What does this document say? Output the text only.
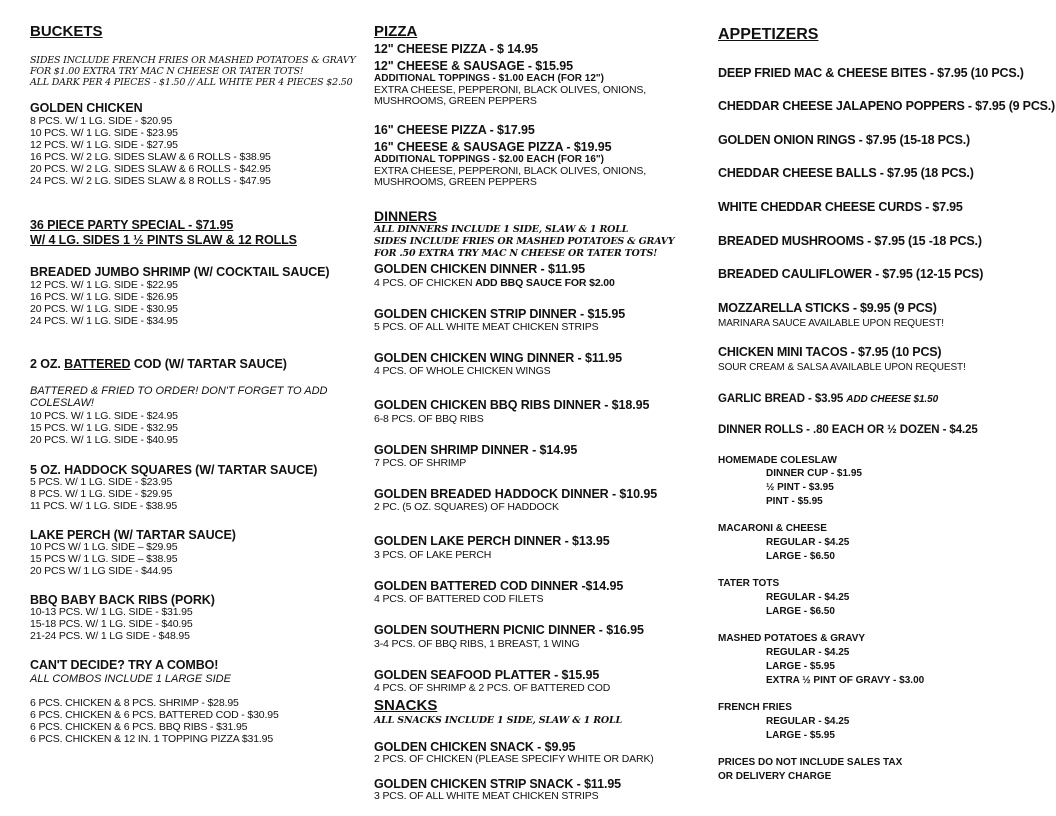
BUCKETS
SIDES INCLUDE FRENCH FRIES OR MASHED POTATOES & GRAVY
FOR $1.00 EXTRA TRY MAC N CHEESE OR TATER TOTS!
ALL DARK PER 4 PIECES - $1.50 // ALL WHITE PER 4 PIECES $2.50
GOLDEN CHICKEN
8 PCS. W/ 1 LG. SIDE - $20.95
10 PCS. W/ 1 LG. SIDE - $23.95
12 PCS. W/ 1 LG. SIDE - $27.95
16 PCS. W/ 2 LG. SIDES SLAW & 6 ROLLS - $38.95
20 PCS. W/ 2 LG. SIDES SLAW & 6 ROLLS - $42.95
24 PCS. W/ 2 LG. SIDES SLAW & 8 ROLLS - $47.95
36 PIECE PARTY SPECIAL - $71.95
W/ 4 LG. SIDES 1 ½ PINTS SLAW & 12 ROLLS
BREADED JUMBO SHRIMP (W/ COCKTAIL SAUCE)
12 PCS. W/ 1 LG. SIDE - $22.95
16 PCS. W/ 1 LG. SIDE - $26.95
20 PCS. W/ 1 LG. SIDE - $30.95
24 PCS. W/ 1 LG. SIDE - $34.95
2 OZ. BATTERED COD (W/ TARTAR SAUCE)
BATTERED & FRIED TO ORDER! DON'T FORGET TO ADD
COLESLAW!
10 PCS. W/ 1 LG. SIDE - $24.95
15 PCS. W/ 1 LG. SIDE - $32.95
20 PCS. W/ 1 LG. SIDE - $40.95
5 OZ. HADDOCK SQUARES (W/ TARTAR SAUCE)
5 PCS. W/ 1 LG. SIDE - $23.95
8 PCS. W/ 1 LG. SIDE - $29.95
11 PCS. W/ 1 LG. SIDE - $38.95
LAKE PERCH (W/ TARTAR SAUCE)
10 PCS W/ 1 LG. SIDE – $29.95
15 PCS W/ 1 LG. SIDE – $38.95
20 PCS W/ 1 LG SIDE - $44.95
BBQ BABY BACK RIBS (PORK)
10-13 PCS. W/ 1 LG. SIDE - $31.95
15-18 PCS. W/ 1 LG. SIDE - $40.95
21-24 PCS. W/ 1 LG SIDE - $48.95
CAN'T DECIDE? TRY A COMBO!
ALL COMBOS INCLUDE 1 LARGE SIDE
6 PCS. CHICKEN & 8 PCS. SHRIMP - $28.95
6 PCS. CHICKEN & 6 PCS. BATTERED COD - $30.95
6 PCS. CHICKEN & 6 PCS. BBQ RIBS - $31.95
6 PCS. CHICKEN & 12 IN. 1 TOPPING PIZZA $31.95
PIZZA
12" CHEESE PIZZA - $ 14.95
12" CHEESE & SAUSAGE - $15.95
ADDITIONAL TOPPINGS - $1.00 EACH (FOR 12")
EXTRA CHEESE, PEPPERONI, BLACK OLIVES, ONIONS,
MUSHROOMS, GREEN PEPPERS
16" CHEESE PIZZA - $17.95
16" CHEESE & SAUSAGE PIZZA - $19.95
ADDITIONAL TOPPINGS - $2.00 EACH (FOR 16")
EXTRA CHEESE, PEPPERONI, BLACK OLIVES, ONIONS,
MUSHROOMS, GREEN PEPPERS
DINNERS
ALL DINNERS INCLUDE 1 SIDE, SLAW & 1 ROLL
SIDES INCLUDE FRIES OR MASHED POTATOES & GRAVY
FOR .50 EXTRA TRY MAC N CHEESE OR TATER TOTS!
GOLDEN CHICKEN DINNER - $11.95
4 PCS. OF CHICKEN ADD BBQ SAUCE FOR $2.00
GOLDEN CHICKEN STRIP DINNER - $15.95
5 PCS. OF ALL WHITE MEAT CHICKEN STRIPS
GOLDEN CHICKEN WING DINNER - $11.95
4 PCS. OF WHOLE CHICKEN WINGS
GOLDEN CHICKEN BBQ RIBS DINNER - $18.95
6-8 PCS. OF BBQ RIBS
GOLDEN SHRIMP DINNER - $14.95
7 PCS. OF SHRIMP
GOLDEN BREADED HADDOCK DINNER - $10.95
2 PC. (5 OZ. SQUARES) OF HADDOCK
GOLDEN LAKE PERCH DINNER - $13.95
3 PCS. OF LAKE PERCH
GOLDEN BATTERED COD DINNER -$14.95
4 PCS. OF BATTERED COD FILETS
GOLDEN SOUTHERN PICNIC DINNER - $16.95
3-4 PCS. OF BBQ RIBS, 1 BREAST, 1 WING
GOLDEN SEAFOOD PLATTER - $15.95
4 PCS. OF SHRIMP & 2 PCS. OF BATTERED COD
SNACKS
ALL SNACKS INCLUDE 1 SIDE, SLAW & 1 ROLL
GOLDEN CHICKEN SNACK - $9.95
2 PCS. OF CHICKEN (PLEASE SPECIFY WHITE OR DARK)
GOLDEN CHICKEN STRIP SNACK - $11.95
3 PCS. OF ALL WHITE MEAT CHICKEN STRIPS
APPETIZERS
DEEP FRIED MAC & CHEESE BITES - $7.95 (10 PCS.)
CHEDDAR CHEESE JALAPENO POPPERS - $7.95 (9 PCS.)
GOLDEN ONION RINGS - $7.95 (15-18 PCS.)
CHEDDAR CHEESE BALLS - $7.95 (18 PCS.)
WHITE CHEDDAR CHEESE CURDS - $7.95
BREADED MUSHROOMS - $7.95 (15 -18 PCS.)
BREADED CAULIFLOWER - $7.95 (12-15 PCS)
MOZZARELLA STICKS - $9.95 (9 PCS)
MARINARA SAUCE AVAILABLE UPON REQUEST!
CHICKEN MINI TACOS - $7.95 (10 PCS)
SOUR CREAM & SALSA AVAILABLE UPON REQUEST!
GARLIC BREAD - $3.95 ADD CHEESE $1.50
DINNER ROLLS - .80 EACH OR ½ DOZEN - $4.25
HOMEMADE COLESLAW
DINNER CUP - $1.95
½ PINT - $3.95
PINT - $5.95
MACARONI & CHEESE
REGULAR - $4.25
LARGE - $6.50
TATER TOTS
REGULAR - $4.25
LARGE - $6.50
MASHED POTATOES & GRAVY
REGULAR - $4.25
LARGE - $5.95
EXTRA ½ PINT OF GRAVY - $3.00
FRENCH FRIES
REGULAR - $4.25
LARGE - $5.95
PRICES DO NOT INCLUDE SALES TAX
OR DELIVERY CHARGE
